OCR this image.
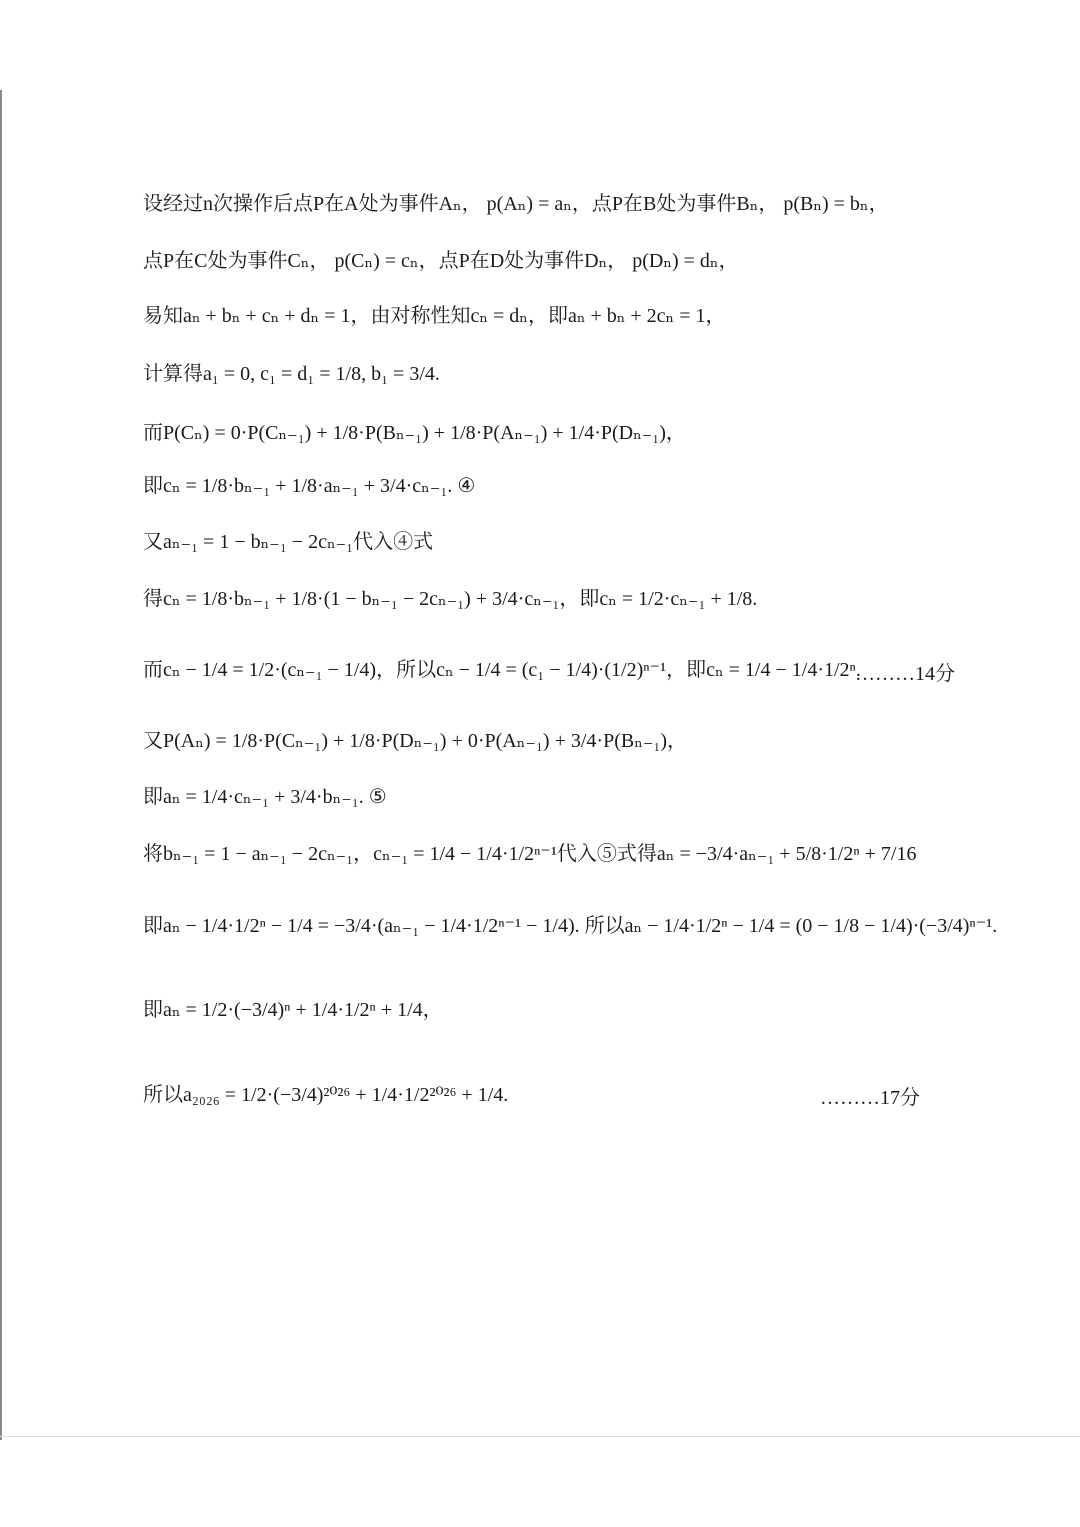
设经过n次操作后点P在A处为事件Aₙ， p(Aₙ) = aₙ，点P在B处为事件Bₙ， p(Bₙ) = bₙ，
点P在C处为事件Cₙ， p(Cₙ) = cₙ，点P在D处为事件Dₙ， p(Dₙ) = dₙ，
易知aₙ + bₙ + cₙ + dₙ = 1，由对称性知cₙ = dₙ，即aₙ + bₙ + 2cₙ = 1，
计算得a₁ = 0, c₁ = d₁ = 1/8, b₁ = 3/4.
而P(Cₙ) = 0·P(Cₙ₋₁) + 1/8·P(Bₙ₋₁) + 1/8·P(Aₙ₋₁) + 1/4·P(Dₙ₋₁)，
即cₙ = 1/8·bₙ₋₁ + 1/8·aₙ₋₁ + 3/4·cₙ₋₁. ④
又aₙ₋₁ = 1 − bₙ₋₁ − 2cₙ₋₁代入④式
得cₙ = 1/8·bₙ₋₁ + 1/8·(1 − bₙ₋₁ − 2cₙ₋₁) + 3/4·cₙ₋₁，即cₙ = 1/2·cₙ₋₁ + 1/8.
而cₙ − 1/4 = 1/2·(cₙ₋₁ − 1/4)，所以cₙ − 1/4 = (c₁ − 1/4)·(1/2)ⁿ⁻¹，即cₙ = 1/4 − 1/4·1/2ⁿ.
又P(Aₙ) = 1/8·P(Cₙ₋₁) + 1/8·P(Dₙ₋₁) + 0·P(Aₙ₋₁) + 3/4·P(Bₙ₋₁)，
即aₙ = 1/4·cₙ₋₁ + 3/4·bₙ₋₁. ⑤
将bₙ₋₁ = 1 − aₙ₋₁ − 2cₙ₋₁，cₙ₋₁ = 1/4 − 1/4·1/2ⁿ⁻¹代入⑤式得aₙ = −3/4·aₙ₋₁ + 5/8·1/2ⁿ + 7/16
即aₙ − 1/4·1/2ⁿ − 1/4 = −3/4·(aₙ₋₁ − 1/4·1/2ⁿ⁻¹ − 1/4). 所以aₙ − 1/4·1/2ⁿ − 1/4 = (0 − 1/8 − 1/4)·(−3/4)ⁿ⁻¹.
即aₙ = 1/2·(−3/4)ⁿ + 1/4·1/2ⁿ + 1/4，
所以a₂₀₂₆ = 1/2·(−3/4)²⁰²⁶ + 1/4·1/2²⁰²⁶ + 1/4.
………14分
………17分
